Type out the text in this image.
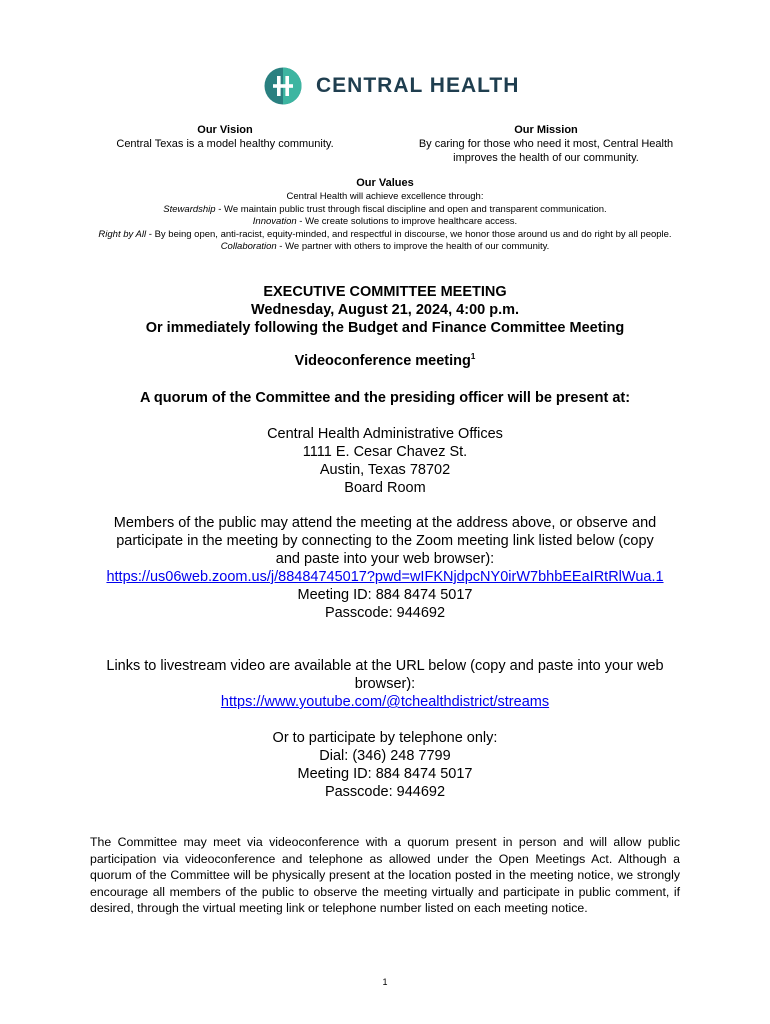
CENTRAL HEALTH
Our Vision
Central Texas is a model healthy community.
Our Mission
By caring for those who need it most, Central Health
improves the health of our community.
Our Values
Central Health will achieve excellence through:
Stewardship - We maintain public trust through fiscal discipline and open and transparent communication.
Innovation - We create solutions to improve healthcare access.
Right by All - By being open, anti-racist, equity-minded, and respectful in discourse, we honor those around us and do right by all people.
Collaboration - We partner with others to improve the health of our community.
EXECUTIVE COMMITTEE MEETING
Wednesday, August 21, 2024, 4:00 p.m.
Or immediately following the Budget and Finance Committee Meeting
Videoconference meeting$^1$
A quorum of the Committee and the presiding officer will be present at:
Central Health Administrative Offices
1111 E. Cesar Chavez St.
Austin, Texas 78702
Board Room
Members of the public may attend the meeting at the address above, or observe and
participate in the meeting by connecting to the Zoom meeting link listed below (copy
and paste into your web browser):
https://us06web.zoom.us/j/88484745017?pwd=wIFKNjdpcNY0irW7bhbEEaIRtRlWua.1
Meeting ID: 884 8474 5017
Passcode: 944692
Links to livestream video are available at the URL below (copy and paste into your web
browser):
https://www.youtube.com/@tchealthdistrict/streams
Or to participate by telephone only:
Dial: (346) 248 7799
Meeting ID: 884 8474 5017
Passcode: 944692
The Committee may meet via videoconference with a quorum present in person and will allow public participation via videoconference and telephone as allowed under the Open Meetings Act. Although a quorum of the Committee will be physically present at the location posted in the meeting notice, we strongly encourage all members of the public to observe the meeting virtually and participate in public comment, if desired, through the virtual meeting link or telephone number listed on each meeting notice.
1
